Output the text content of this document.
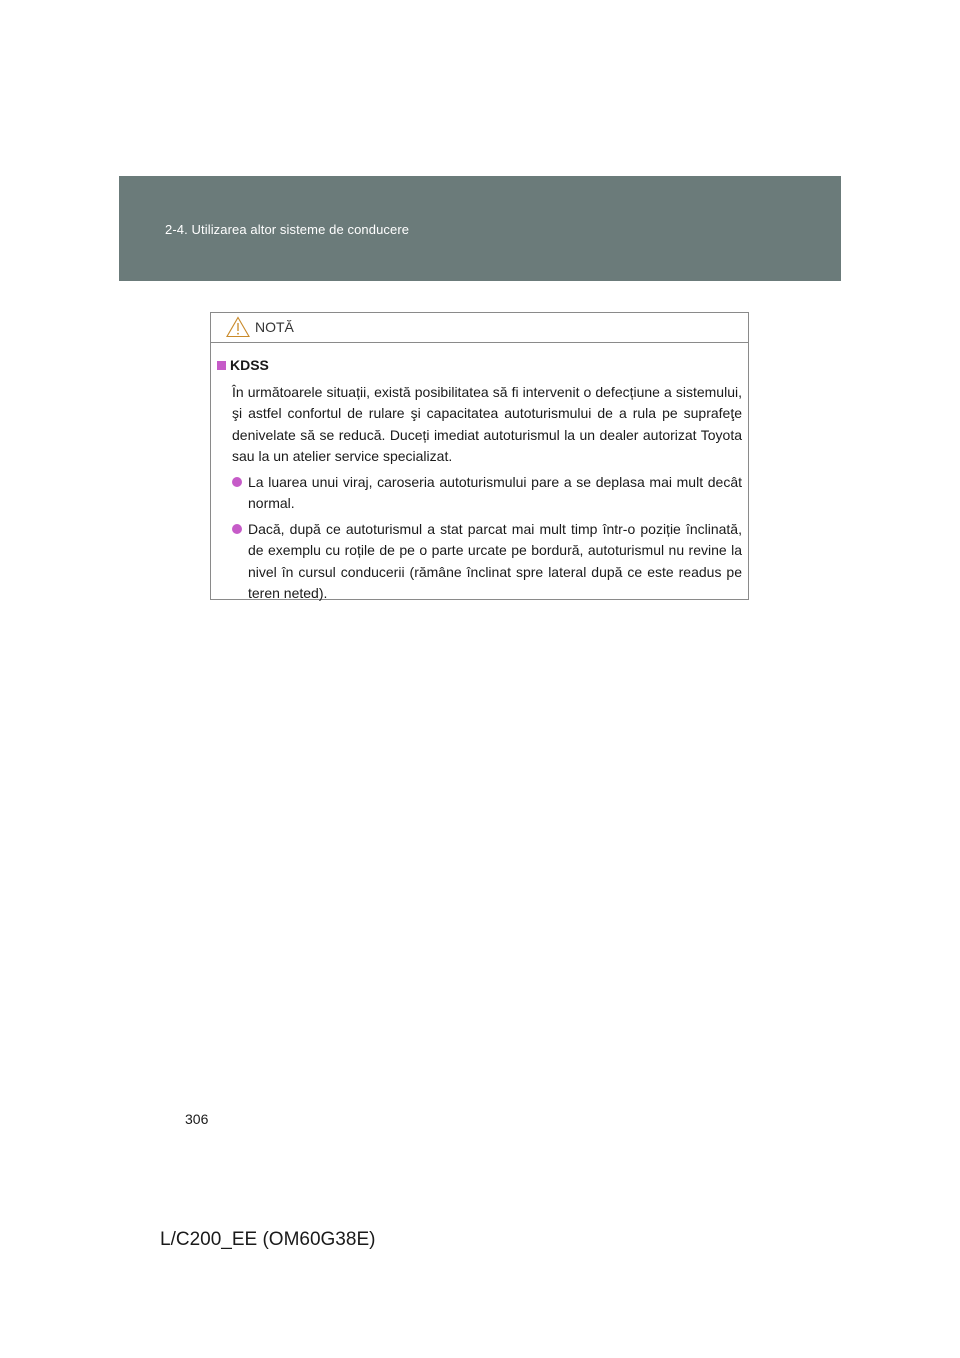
2-4. Utilizarea altor sisteme de conducere
NOTĂ
KDSS
În următoarele situații, există posibilitatea să fi intervenit o defecțiune a sistemului, şi astfel confortul de rulare şi capacitatea autoturismului de a rula pe suprafeţe denivelate să se reducă. Duceți imediat autoturismul la un dealer autorizat Toyota sau la un atelier service specializat.
La luarea unui viraj, caroseria autoturismului pare a se deplasa mai mult decât normal.
Dacă, după ce autoturismul a stat parcat mai mult timp într-o poziție înclinată, de exemplu cu roțile de pe o parte urcate pe bordură, autoturismul nu revine la nivel în cursul conducerii (rămâne înclinat spre lateral după ce este readus pe teren neted).
306
L/C200_EE (OM60G38E)
